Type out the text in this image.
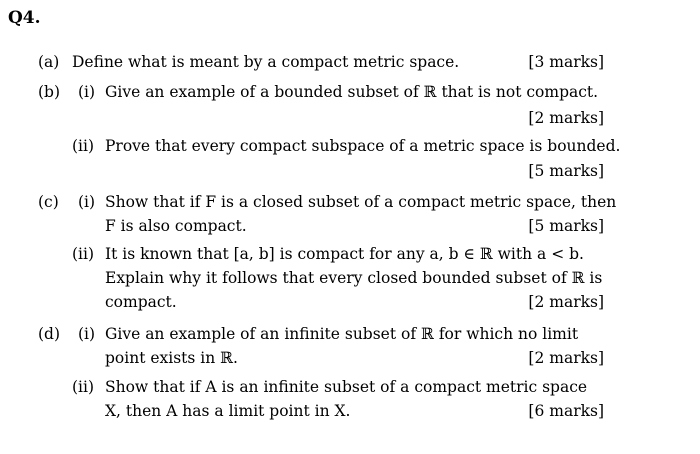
Q4.
(a) Define what is meant by a compact metric space.	[3 marks]
(b) (i) Give an example of a bounded subset of ℝ that is not compact.
[2 marks]
(ii) Prove that every compact subspace of a metric space is bounded.
[5 marks]
(c) (i) Show that if F is a closed subset of a compact metric space, then
F is also compact.	[5 marks]
(ii) It is known that [a, b] is compact for any a, b ∈ ℝ with a < b.
Explain why it follows that every closed bounded subset of ℝ is
compact.	[2 marks]
(d) (i) Give an example of an infinite subset of ℝ for which no limit
point exists in ℝ.	[2 marks]
(ii) Show that if A is an infinite subset of a compact metric space
X, then A has a limit point in X.	[6 marks]
